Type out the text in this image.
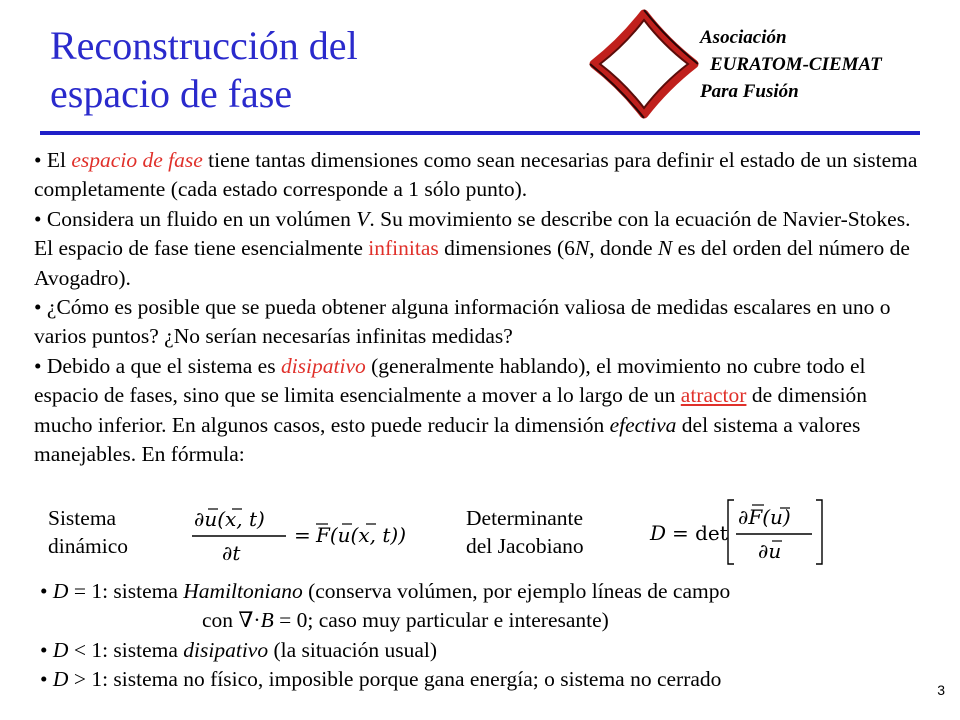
Reconstrucción del
espacio de fase
Asociación
EURATOM-CIEMAT
Para Fusión

• El espacio de fase tiene tantas dimensiones como sean necesarias para definir el estado de un sistema completamente (cada estado corresponde a 1 sólo punto).

• Considera un fluido en un volúmen V. Su movimiento se describe con la ecuación de Navier-Stokes. El espacio de fase tiene esencialmente infinitas dimensiones (6N, donde N es del orden del número de Avogadro).

• ¿Cómo es posible que se pueda obtener alguna información valiosa de medidas escalares en uno o varios puntos? ¿No serían necesarías infinitas medidas?

• Debido a que el sistema es disipativo (generalmente hablando), el movimiento no cubre todo el espacio de fases, sino que se limita esencialmente a mover a lo largo de un atractor de dimensión mucho inferior. En algunos casos, esto puede reducir la dimensión efectiva del sistema a valores manejables. En fórmula:

Sistema
dinámico
∂u(x, t)
∂t
= F(u(x, t))
Determinante
del Jacobiano
D = det
∂F(u)
∂u
• D = 1: sistema Hamiltoniano (conserva volúmen, por ejemplo líneas de campo
con ∇·B = 0; caso muy particular e interesante)
• D < 1: sistema disipativo (la situación usual)
• D > 1: sistema no físico, imposible porque gana energía; o sistema no cerrado	3
